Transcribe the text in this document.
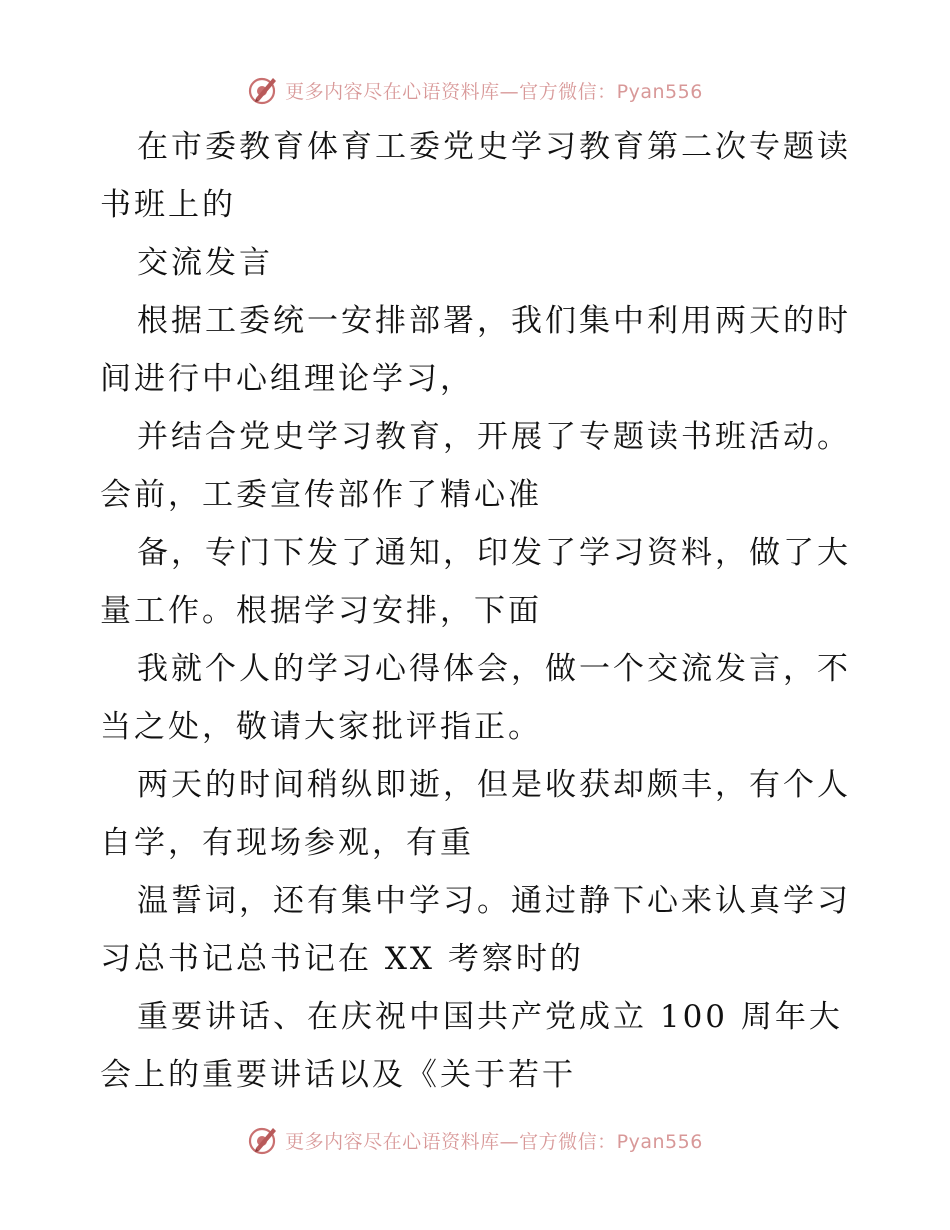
更多内容尽在心语资料库—官方微信：Pyan556

在市委教育体育工委党史学习教育第二次专题读
书班上的

交流发言

根据工委统一安排部署，我们集中利用两天的时
间进行中心组理论学习，

并结合党史学习教育，开展了专题读书班活动。
会前，工委宣传部作了精心准

备，专门下发了通知，印发了学习资料，做了大
量工作。根据学习安排，下面

我就个人的学习心得体会，做一个交流发言，不
当之处，敬请大家批评指正。

两天的时间稍纵即逝，但是收获却颇丰，有个人
自学，有现场参观，有重

温誓词，还有集中学习。通过静下心来认真学习
习总书记总书记在 XX 考察时的

重要讲话、在庆祝中国共产党成立 100 周年大
会上的重要讲话以及《关于若干

更多内容尽在心语资料库—官方微信：Pyan556
